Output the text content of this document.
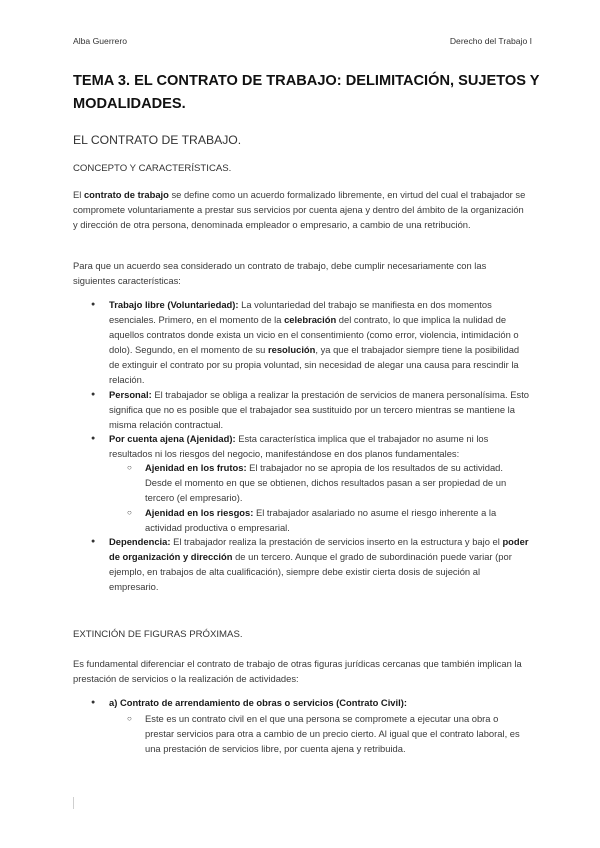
Alba Guerrero	Derecho del Trabajo I
TEMA 3. EL CONTRATO DE TRABAJO: DELIMITACIÓN, SUJETOS Y MODALIDADES.
EL CONTRATO DE TRABAJO.
CONCEPTO Y CARACTERÍSTICAS.

El contrato de trabajo se define como un acuerdo formalizado libremente, en virtud del cual el trabajador se compromete voluntariamente a prestar sus servicios por cuenta ajena y dentro del ámbito de la organización y dirección de otra persona, denominada empleador o empresario, a cambio de una retribución.

Para que un acuerdo sea considerado un contrato de trabajo, debe cumplir necesariamente con las siguientes características:

● Trabajo libre (Voluntariedad): La voluntariedad del trabajo se manifiesta en dos momentos esenciales. Primero, en el momento de la celebración del contrato, lo que implica la nulidad de aquellos contratos donde exista un vicio en el consentimiento (como error, violencia, intimidación o dolo). Segundo, en el momento de su resolución, ya que el trabajador siempre tiene la posibilidad de extinguir el contrato por su propia voluntad, sin necesidad de alegar una causa para rescindir la relación.
● Personal: El trabajador se obliga a realizar la prestación de servicios de manera personalísima. Esto significa que no es posible que el trabajador sea sustituido por un tercero mientras se mantiene la misma relación contractual.
● Por cuenta ajena (Ajenidad): Esta característica implica que el trabajador no asume ni los resultados ni los riesgos del negocio, manifestándose en dos planos fundamentales:
○ Ajenidad en los frutos: El trabajador no se apropia de los resultados de su actividad. Desde el momento en que se obtienen, dichos resultados pasan a ser propiedad de un tercero (el empresario).
○ Ajenidad en los riesgos: El trabajador asalariado no asume el riesgo inherente a la actividad productiva o empresarial.
● Dependencia: El trabajador realiza la prestación de servicios inserto en la estructura y bajo el poder de organización y dirección de un tercero. Aunque el grado de subordinación puede variar (por ejemplo, en trabajos de alta cualificación), siempre debe existir cierta dosis de sujeción al empresario.
EXTINCIÓN DE FIGURAS PRÓXIMAS.

Es fundamental diferenciar el contrato de trabajo de otras figuras jurídicas cercanas que también implican la prestación de servicios o la realización de actividades:

● a) Contrato de arrendamiento de obras o servicios (Contrato Civil):
○ Este es un contrato civil en el que una persona se compromete a ejecutar una obra o prestar servicios para otra a cambio de un precio cierto. Al igual que el contrato laboral, es una prestación de servicios libre, por cuenta ajena y retribuida.
